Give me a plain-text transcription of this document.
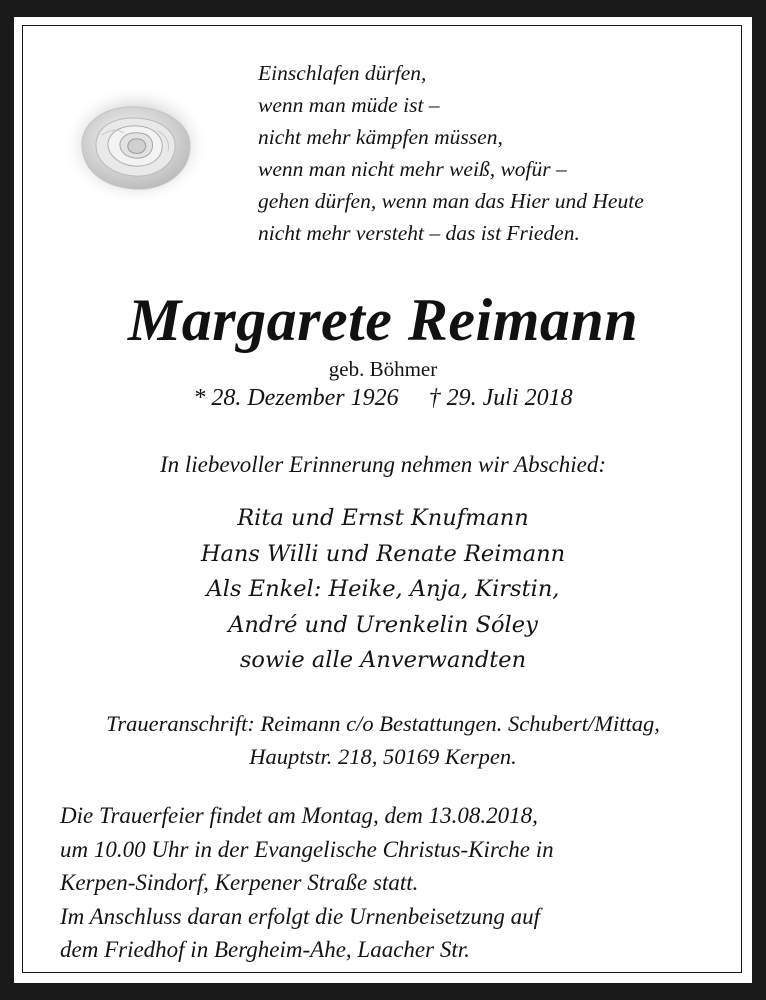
Einschlafen dürfen,
wenn man müde ist –
nicht mehr kämpfen müssen,
wenn man nicht mehr weiß, wofür –
gehen dürfen, wenn man das Hier und Heute
nicht mehr versteht – das ist Frieden.
Margarete Reimann
geb. Böhmer
* 28. Dezember 1926 † 29. Juli 2018
In liebevoller Erinnerung nehmen wir Abschied:
Rita und Ernst Knufmann
Hans Willi und Renate Reimann
Als Enkel: Heike, Anja, Kirstin,
André und Urenkelin Sóley
sowie alle Anverwandten
Traueranschrift: Reimann c/o Bestattungen. Schubert/Mittag,
Hauptstr. 218, 50169 Kerpen.
Die Trauerfeier findet am Montag, dem 13.08.2018,
um 10.00 Uhr in der Evangelische Christus-Kirche in
Kerpen-Sindorf, Kerpener Straße statt.
Im Anschluss daran erfolgt die Urnenbeisetzung auf
dem Friedhof in Bergheim-Ahe, Laacher Str.
